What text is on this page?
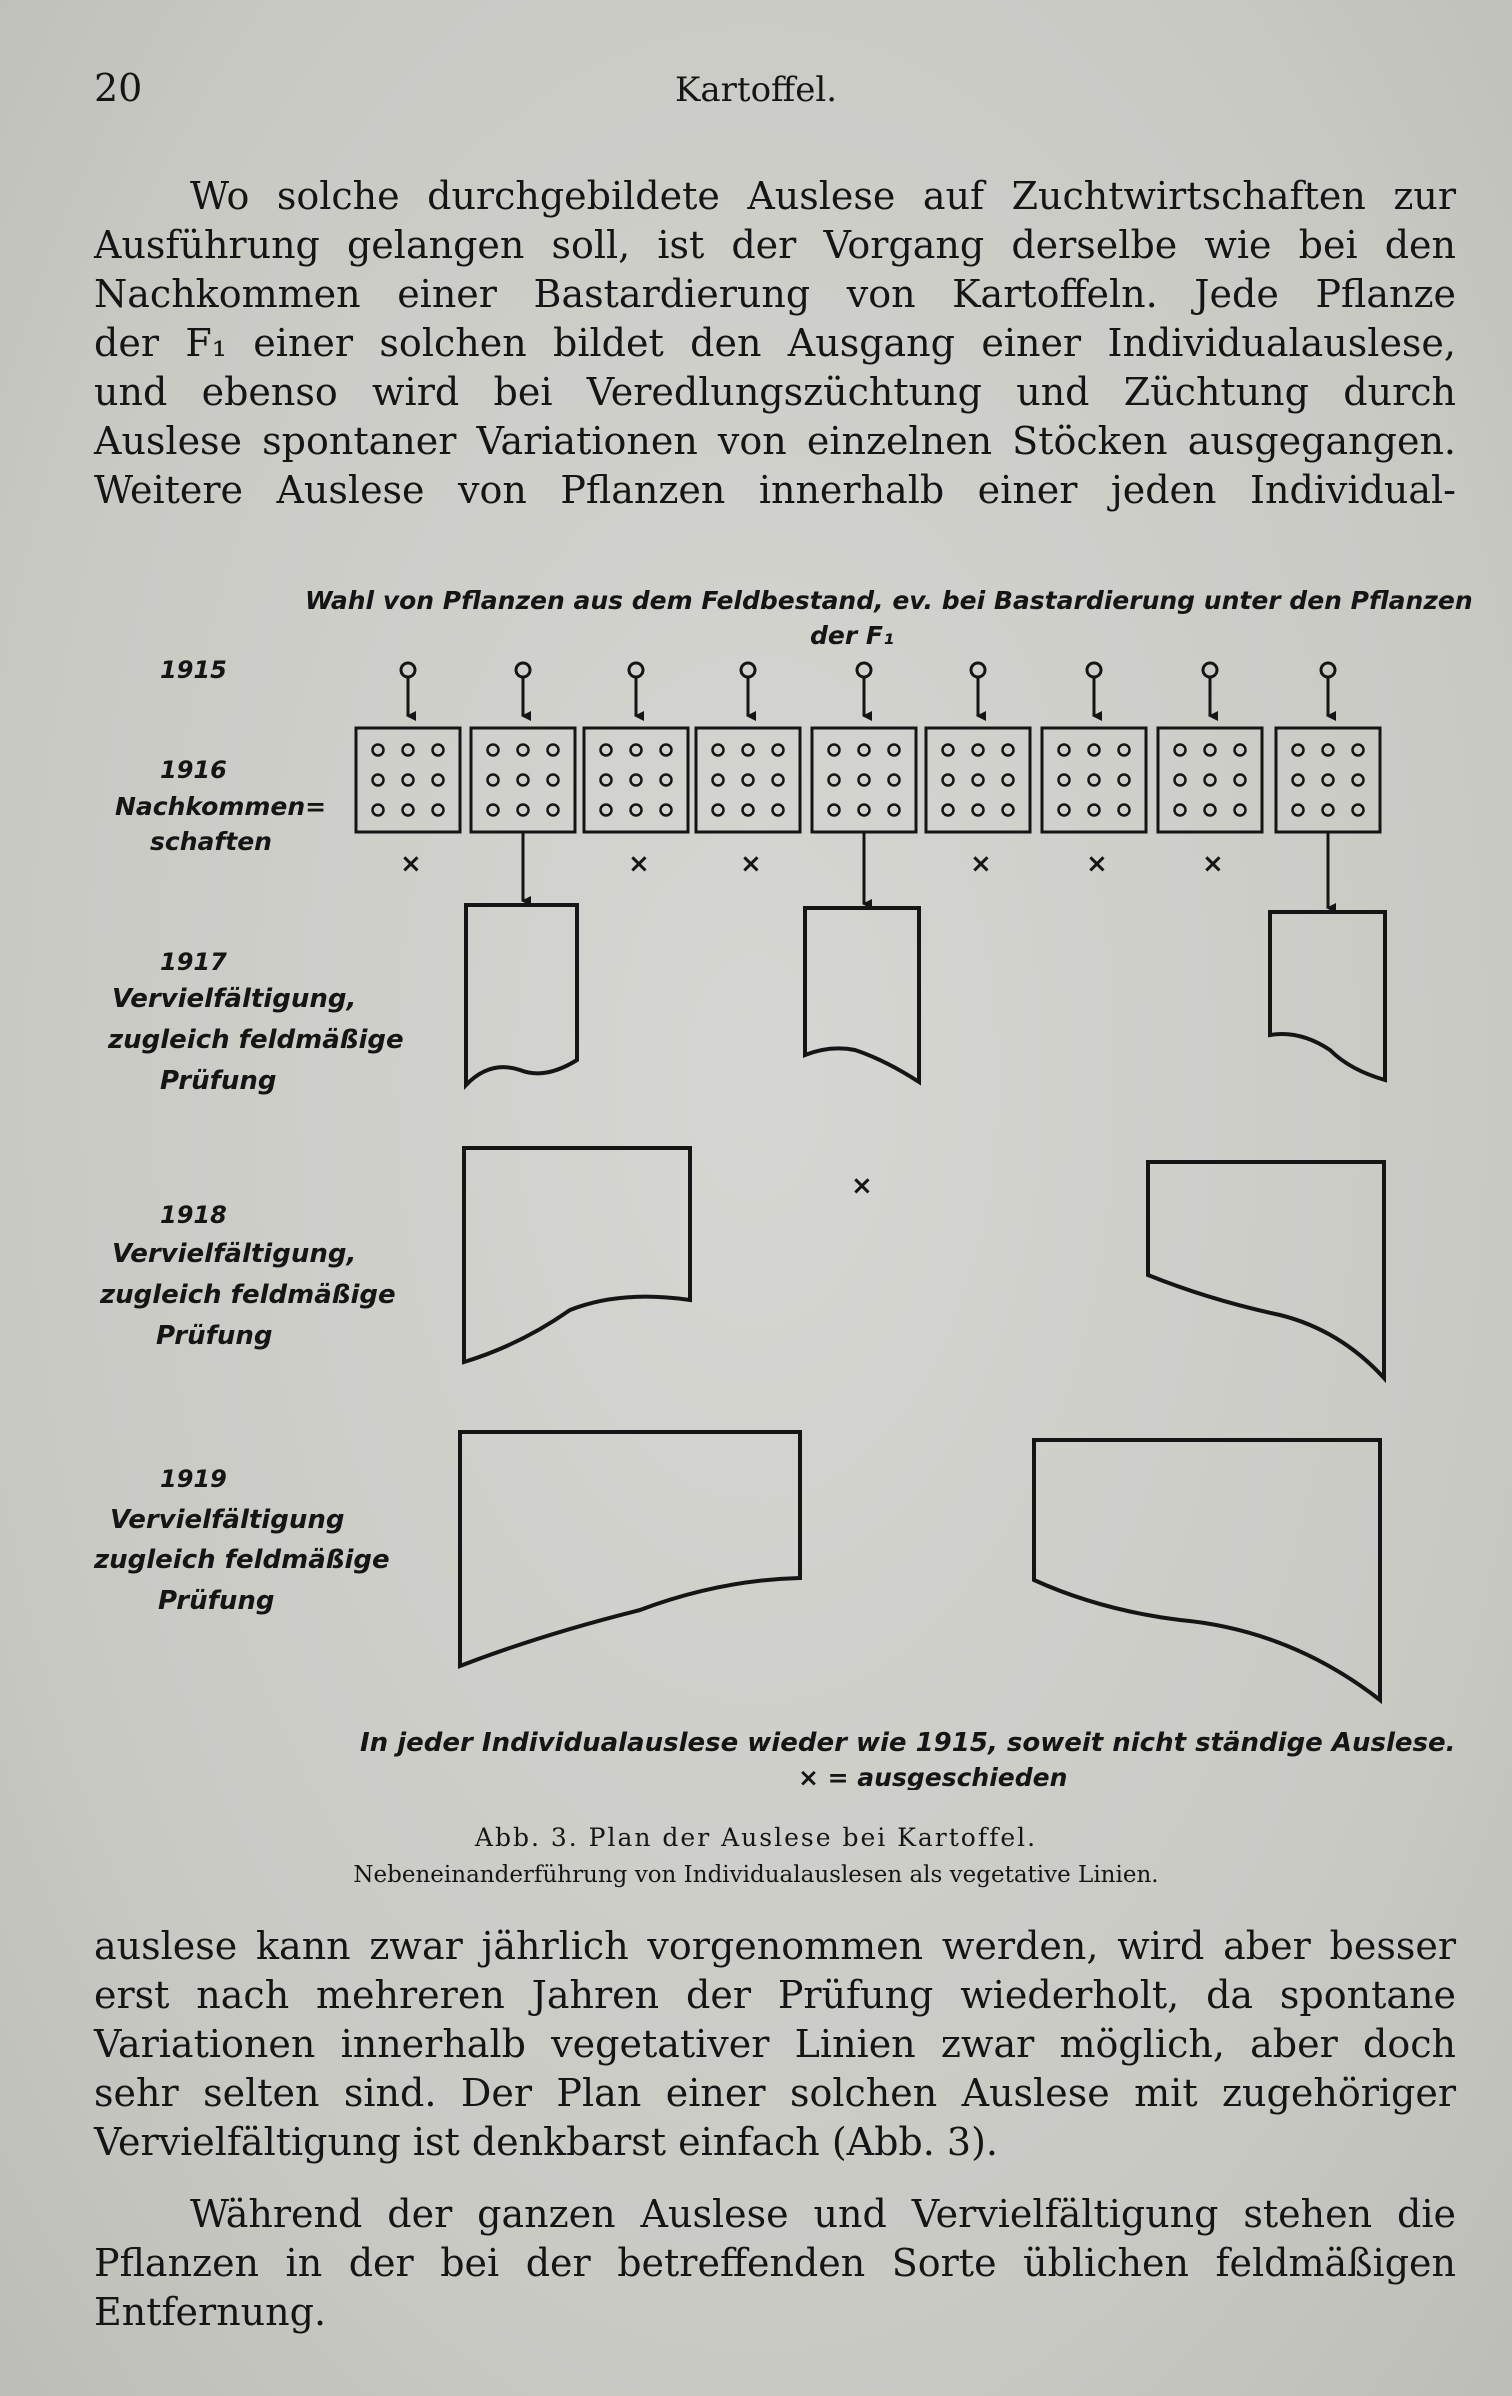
20	Kartoffel.
Wo solche durchgebildete Auslese auf Zuchtwirtschaften zur
Ausführung gelangen soll, ist der Vorgang derselbe wie bei den
Nachkommen einer Bastardierung von Kartoffeln. Jede Pflanze
der F₁ einer solchen bildet den Ausgang einer Individualauslese,
und ebenso wird bei Veredlungszüchtung und Züchtung durch
Auslese spontaner Variationen von einzelnen Stöcken ausgegangen.
Weitere Auslese von Pflanzen innerhalb einer jeden Individual-
Wahl von Pflanzen aus dem Feldbestand, ev. bei Bastardierung unter den Pflanzen
der F₁
1915
1916
Nachkommen=
schaften
1917
Vervielfältigung,
zugleich feldmäßige
Prüfung
1918
Vervielfältigung,
zugleich feldmäßige
Prüfung
1919
Vervielfältigung
zugleich feldmäßige
Prüfung
×	×	×	×	×	×
×
In jeder Individualauslese wieder wie 1915, soweit nicht ständige Auslese.
× = ausgeschieden
Abb. 3. Plan der Auslese bei Kartoffel.
Nebeneinanderführung von Individualauslesen als vegetative Linien.
auslese kann zwar jährlich vorgenommen werden, wird aber besser
erst nach mehreren Jahren der Prüfung wiederholt, da spontane
Variationen innerhalb vegetativer Linien zwar möglich, aber doch
sehr selten sind. Der Plan einer solchen Auslese mit zugehöriger
Vervielfältigung ist denkbarst einfach (Abb. 3).
Während der ganzen Auslese und Vervielfältigung stehen die
Pflanzen in der bei der betreffenden Sorte üblichen feldmäßigen
Entfernung.
